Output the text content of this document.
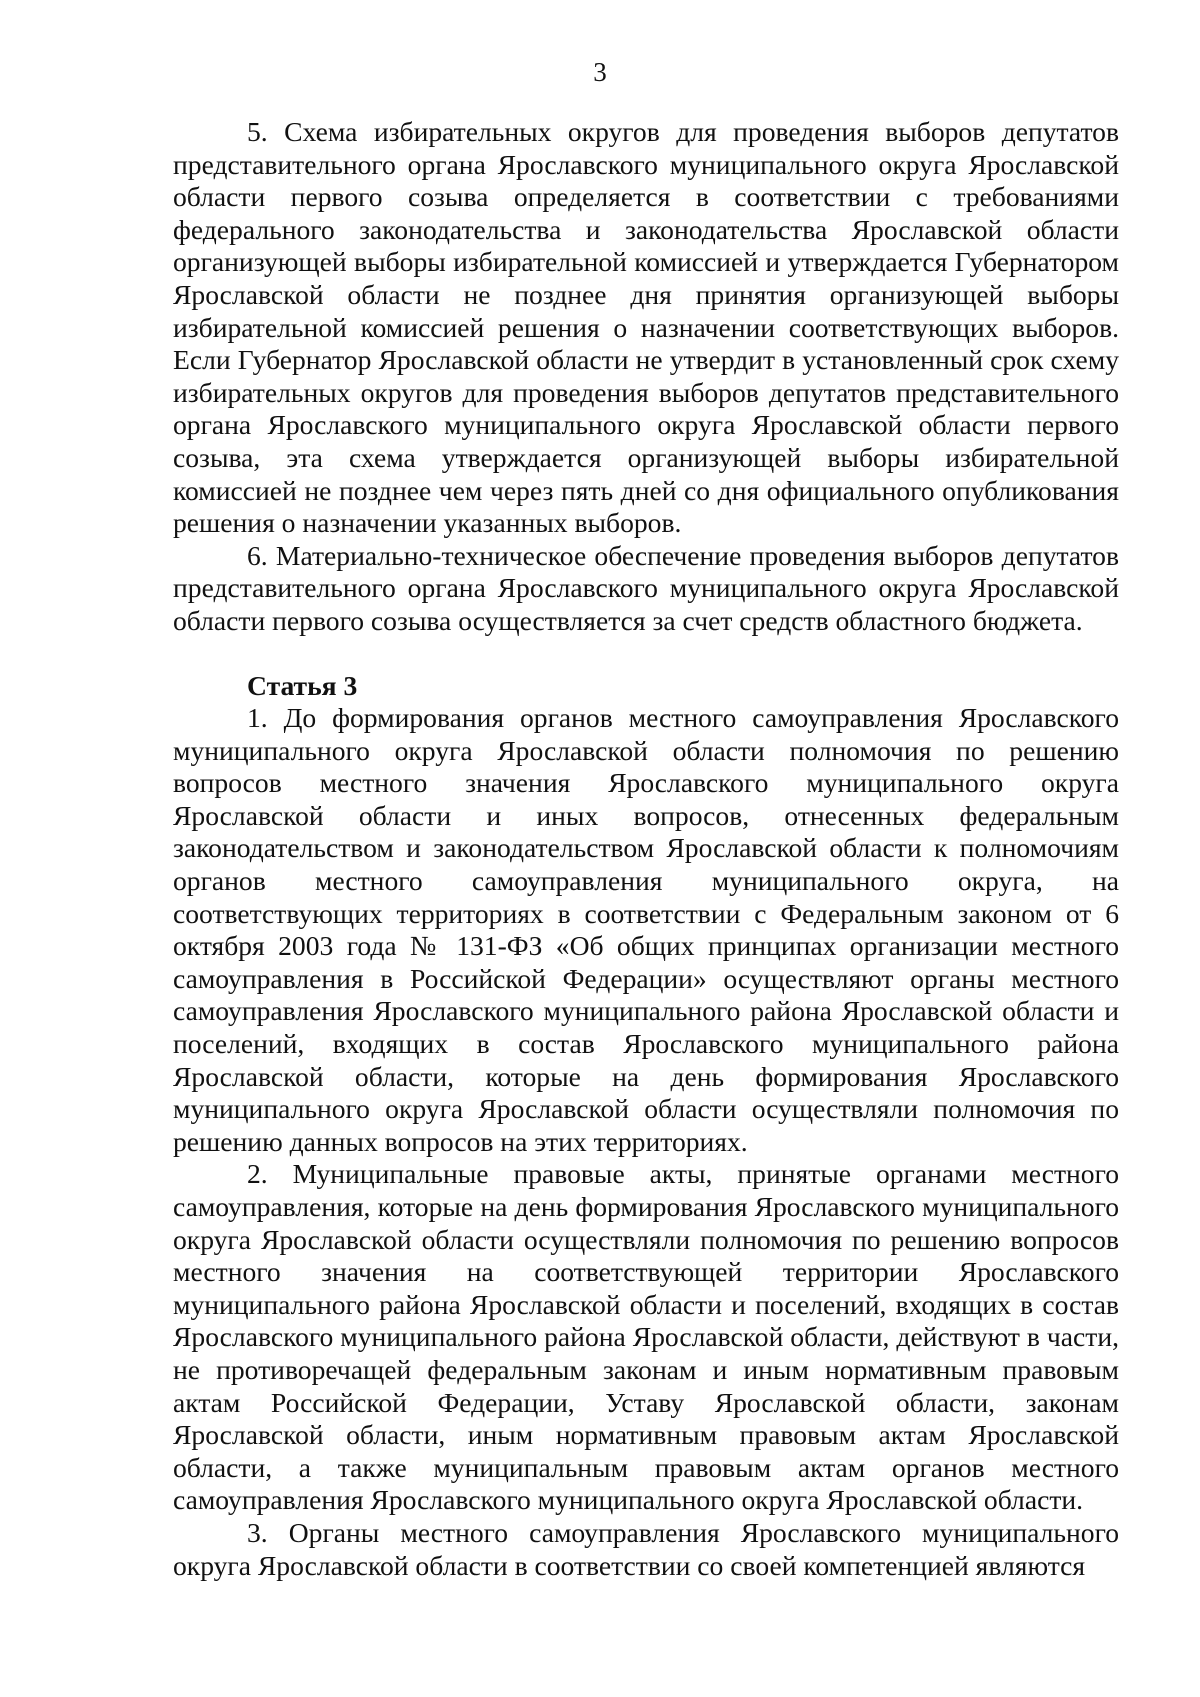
3

5. Схема избирательных округов для проведения выборов депутатов представительного органа Ярославского муниципального округа Ярославской области первого созыва определяется в соответствии с требованиями федерального законодательства и законодательства Ярославской области организующей выборы избирательной комиссией и утверждается Губернатором Ярославской области не позднее дня принятия организующей выборы избирательной комиссией решения о назначении соответствующих выборов. Если Губернатор Ярославской области не утвердит в установленный срок схему избирательных округов для проведения выборов депутатов представительного органа Ярославского муниципального округа Ярославской области первого созыва, эта схема утверждается организующей выборы избирательной комиссией не позднее чем через пять дней со дня официального опубликования решения о назначении указанных выборов.

6. Материально-техническое обеспечение проведения выборов депутатов представительного органа Ярославского муниципального округа Ярославской области первого созыва осуществляется за счет средств областного бюджета.

Статья 3

1. До формирования органов местного самоуправления Ярославского муниципального округа Ярославской области полномочия по решению вопросов местного значения Ярославского муниципального округа Ярославской области и иных вопросов, отнесенных федеральным законодательством и законодательством Ярославской области к полномочиям органов местного самоуправления муниципального округа, на соответствующих территориях в соответствии с Федеральным законом от 6 октября 2003 года № 131-ФЗ «Об общих принципах организации местного самоуправления в Российской Федерации» осуществляют органы местного самоуправления Ярославского муниципального района Ярославской области и поселений, входящих в состав Ярославского муниципального района Ярославской области, которые на день формирования Ярославского муниципального округа Ярославской области осуществляли полномочия по решению данных вопросов на этих территориях.

2. Муниципальные правовые акты, принятые органами местного самоуправления, которые на день формирования Ярославского муниципального округа Ярославской области осуществляли полномочия по решению вопросов местного значения на соответствующей территории Ярославского муниципального района Ярославской области и поселений, входящих в состав Ярославского муниципального района Ярославской области, действуют в части, не противоречащей федеральным законам и иным нормативным правовым актам Российской Федерации, Уставу Ярославской области, законам Ярославской области, иным нормативным правовым актам Ярославской области, а также муниципальным правовым актам органов местного самоуправления Ярославского муниципального округа Ярославской области.

3. Органы местного самоуправления Ярославского муниципального округа Ярославской области в соответствии со своей компетенцией являются
